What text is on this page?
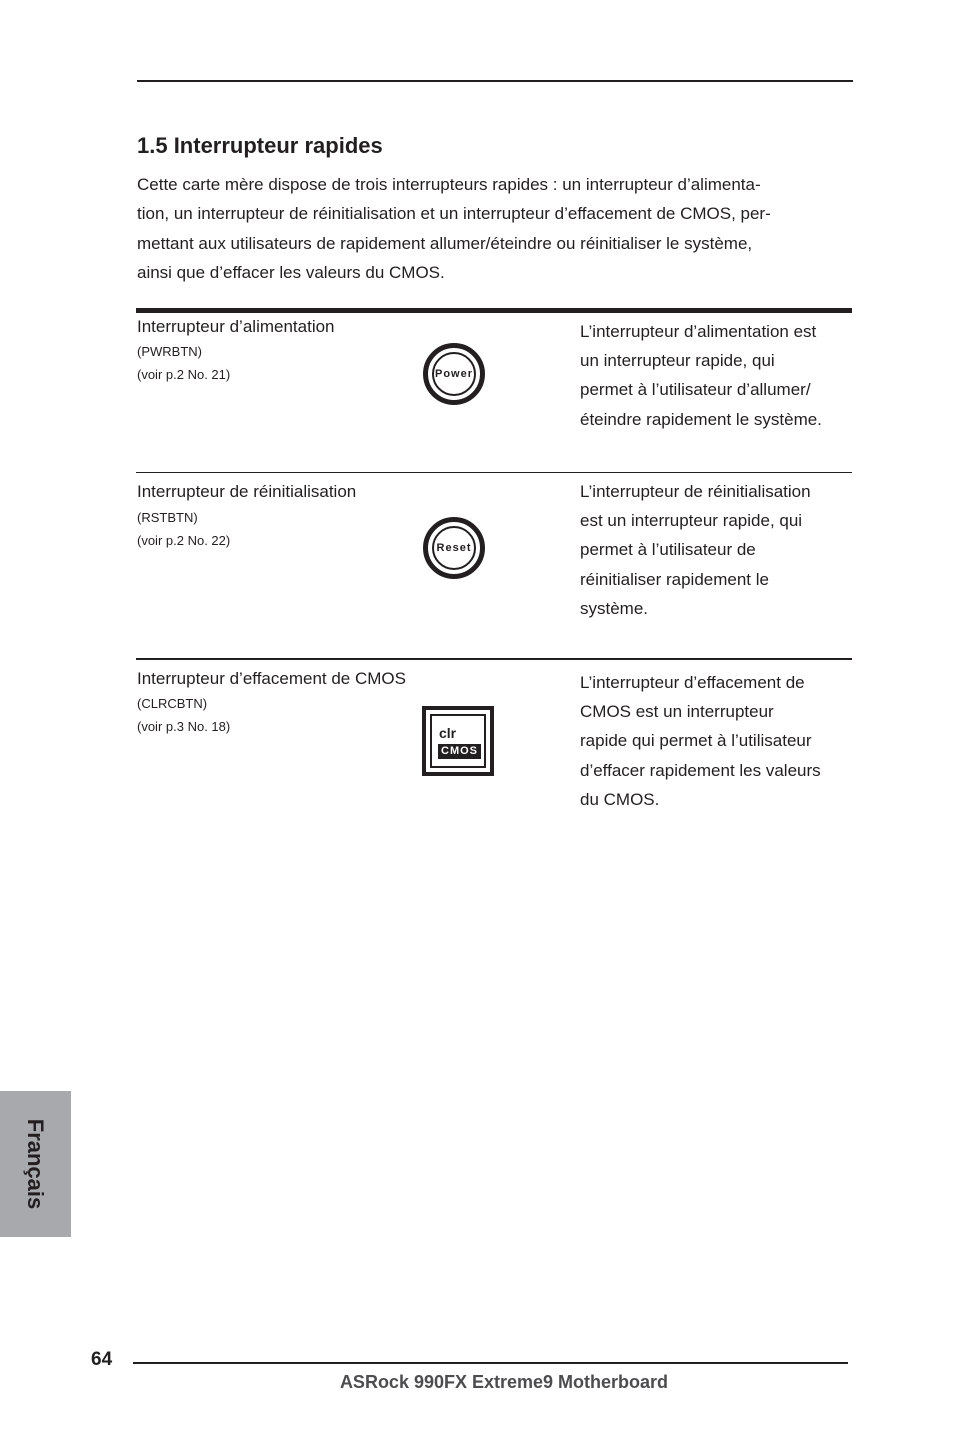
1.5 Interrupteur rapides

Cette carte mère dispose de trois interrupteurs rapides : un interrupteur d’alimenta-
tion, un interrupteur de réinitialisation et un interrupteur d’effacement de CMOS, per-
mettant aux utilisateurs de rapidement allumer/éteindre ou réinitialiser le système,
ainsi que d’effacer les valeurs du CMOS.

Interrupteur d’alimentation
(PWRBTN)
(voir p.2 No. 21)	Power
L’interrupteur d’alimentation est
un interrupteur rapide, qui
permet à l’utilisateur d’allumer/
éteindre rapidement le système.
Interrupteur de réinitialisation
(RSTBTN)
(voir p.2 No. 22)
Reset
L’interrupteur de réinitialisation
est un interrupteur rapide, qui
permet à l’utilisateur de
réinitialiser rapidement le
système.
Interrupteur d’effacement de CMOS
(CLRCBTN)
(voir p.3 No. 18)	clr
CMOS
L’interrupteur d’effacement de
CMOS est un interrupteur
rapide qui permet à l’utilisateur
d’effacer rapidement les valeurs
du CMOS.
Français
64
ASRock 990FX Extreme9 Motherboard
